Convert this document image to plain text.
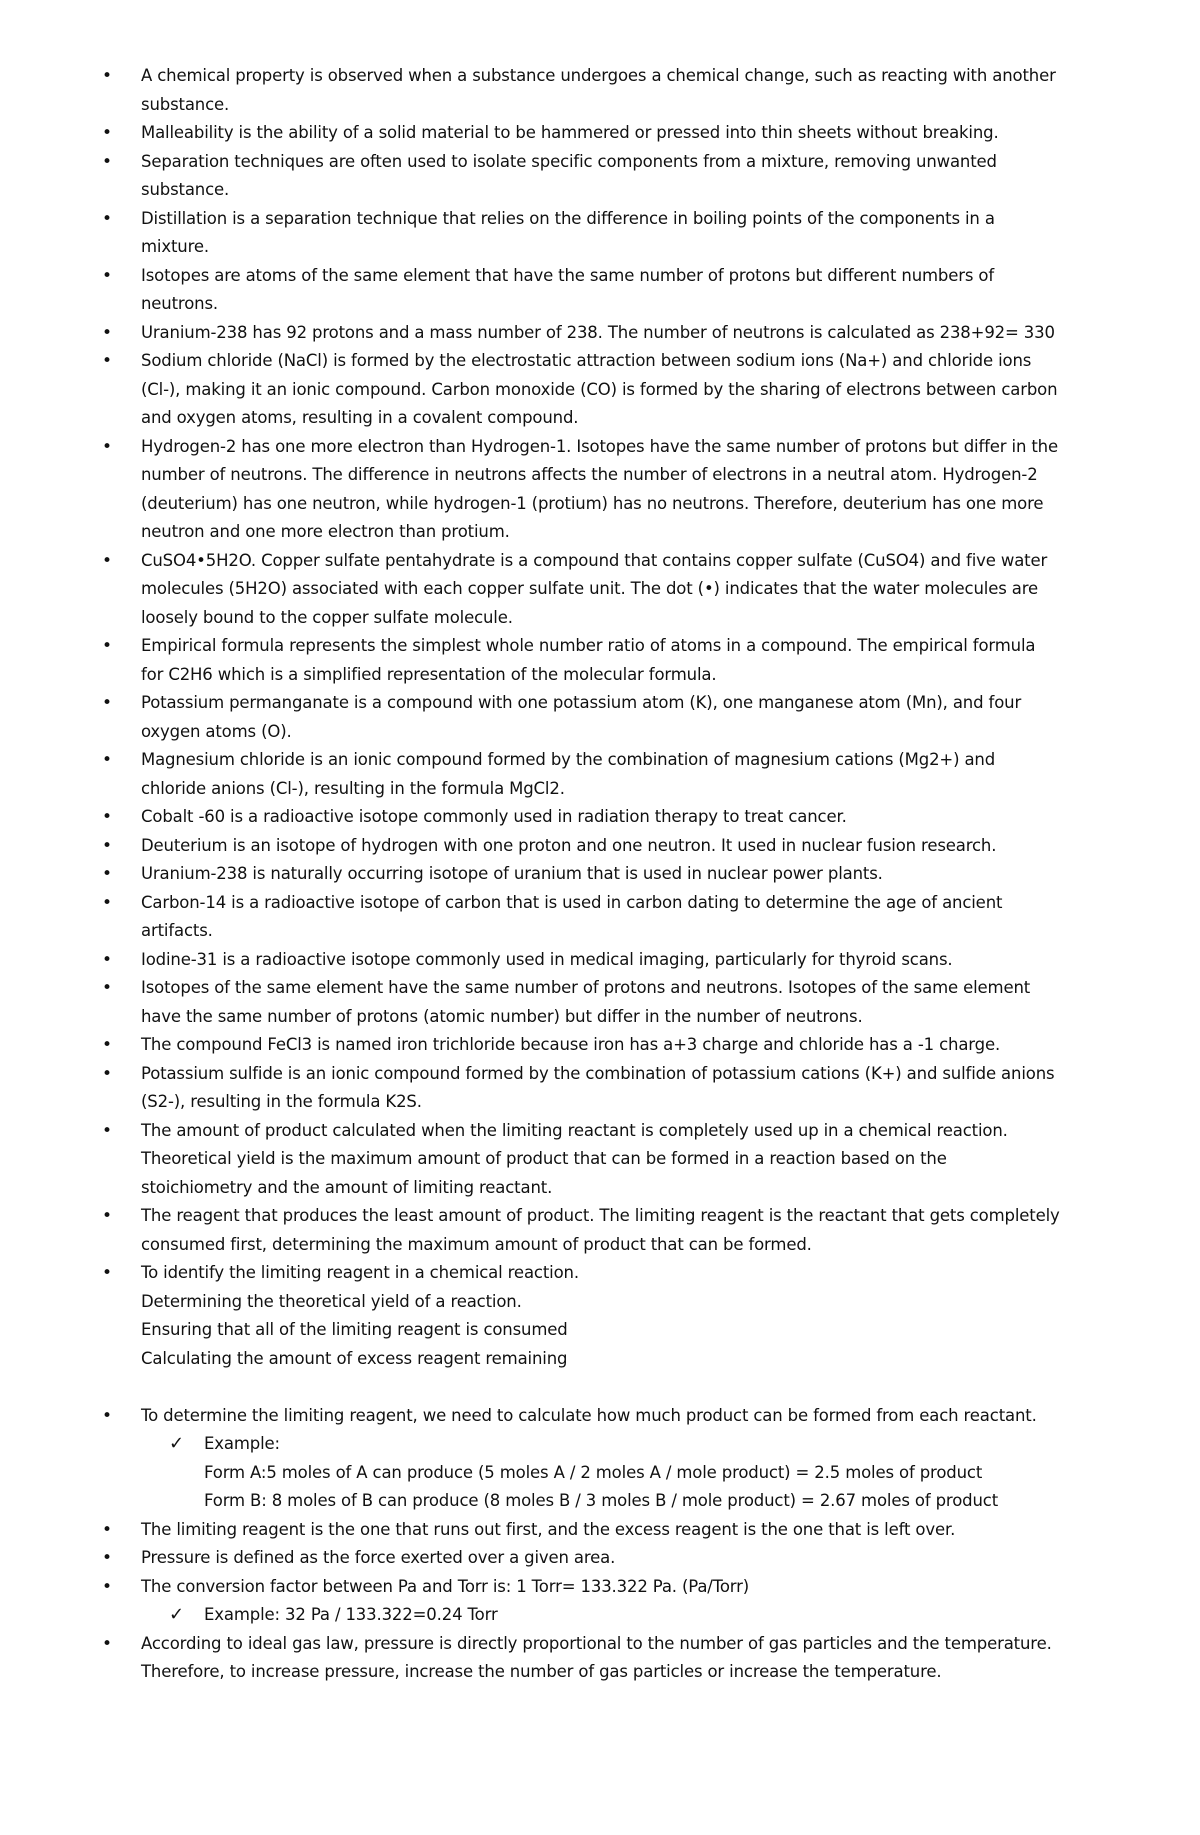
• A chemical property is observed when a substance undergoes a chemical change, such as reacting with another
substance.
• Malleability is the ability of a solid material to be hammered or pressed into thin sheets without breaking.
• Separation techniques are often used to isolate specific components from a mixture, removing unwanted
substance.
• Distillation is a separation technique that relies on the difference in boiling points of the components in a
mixture.
• Isotopes are atoms of the same element that have the same number of protons but different numbers of
neutrons.
• Uranium-238 has 92 protons and a mass number of 238. The number of neutrons is calculated as 238+92= 330
• Sodium chloride (NaCl) is formed by the electrostatic attraction between sodium ions (Na+) and chloride ions
(Cl-), making it an ionic compound. Carbon monoxide (CO) is formed by the sharing of electrons between carbon
and oxygen atoms, resulting in a covalent compound.
• Hydrogen-2 has one more electron than Hydrogen-1. Isotopes have the same number of protons but differ in the
number of neutrons. The difference in neutrons affects the number of electrons in a neutral atom. Hydrogen-2
(deuterium) has one neutron, while hydrogen-1 (protium) has no neutrons. Therefore, deuterium has one more
neutron and one more electron than protium.
• CuSO4•5H2O. Copper sulfate pentahydrate is a compound that contains copper sulfate (CuSO4) and five water
molecules (5H2O) associated with each copper sulfate unit. The dot (•) indicates that the water molecules are
loosely bound to the copper sulfate molecule.
• Empirical formula represents the simplest whole number ratio of atoms in a compound. The empirical formula
for C2H6 which is a simplified representation of the molecular formula.
• Potassium permanganate is a compound with one potassium atom (K), one manganese atom (Mn), and four
oxygen atoms (O).
• Magnesium chloride is an ionic compound formed by the combination of magnesium cations (Mg2+) and
chloride anions (Cl-), resulting in the formula MgCl2.
• Cobalt -60 is a radioactive isotope commonly used in radiation therapy to treat cancer.
• Deuterium is an isotope of hydrogen with one proton and one neutron. It used in nuclear fusion research.
• Uranium-238 is naturally occurring isotope of uranium that is used in nuclear power plants.
• Carbon-14 is a radioactive isotope of carbon that is used in carbon dating to determine the age of ancient
artifacts.
• Iodine-31 is a radioactive isotope commonly used in medical imaging, particularly for thyroid scans.
• Isotopes of the same element have the same number of protons and neutrons. Isotopes of the same element
have the same number of protons (atomic number) but differ in the number of neutrons.
• The compound FeCl3 is named iron trichloride because iron has a+3 charge and chloride has a -1 charge.
• Potassium sulfide is an ionic compound formed by the combination of potassium cations (K+) and sulfide anions
(S2-), resulting in the formula K2S.
• The amount of product calculated when the limiting reactant is completely used up in a chemical reaction.
Theoretical yield is the maximum amount of product that can be formed in a reaction based on the
stoichiometry and the amount of limiting reactant.
• The reagent that produces the least amount of product. The limiting reagent is the reactant that gets completely
consumed first, determining the maximum amount of product that can be formed.
• To identify the limiting reagent in a chemical reaction.
Determining the theoretical yield of a reaction.
Ensuring that all of the limiting reagent is consumed
Calculating the amount of excess reagent remaining
• To determine the limiting reagent, we need to calculate how much product can be formed from each reactant.
✓ Example:
Form A:5 moles of A can produce (5 moles A / 2 moles A / mole product) = 2.5 moles of product
Form B: 8 moles of B can produce (8 moles B / 3 moles B / mole product) = 2.67 moles of product
• The limiting reagent is the one that runs out first, and the excess reagent is the one that is left over.
• Pressure is defined as the force exerted over a given area.
• The conversion factor between Pa and Torr is: 1 Torr= 133.322 Pa. (Pa/Torr)
✓ Example: 32 Pa / 133.322=0.24 Torr
• According to ideal gas law, pressure is directly proportional to the number of gas particles and the temperature.
Therefore, to increase pressure, increase the number of gas particles or increase the temperature.
